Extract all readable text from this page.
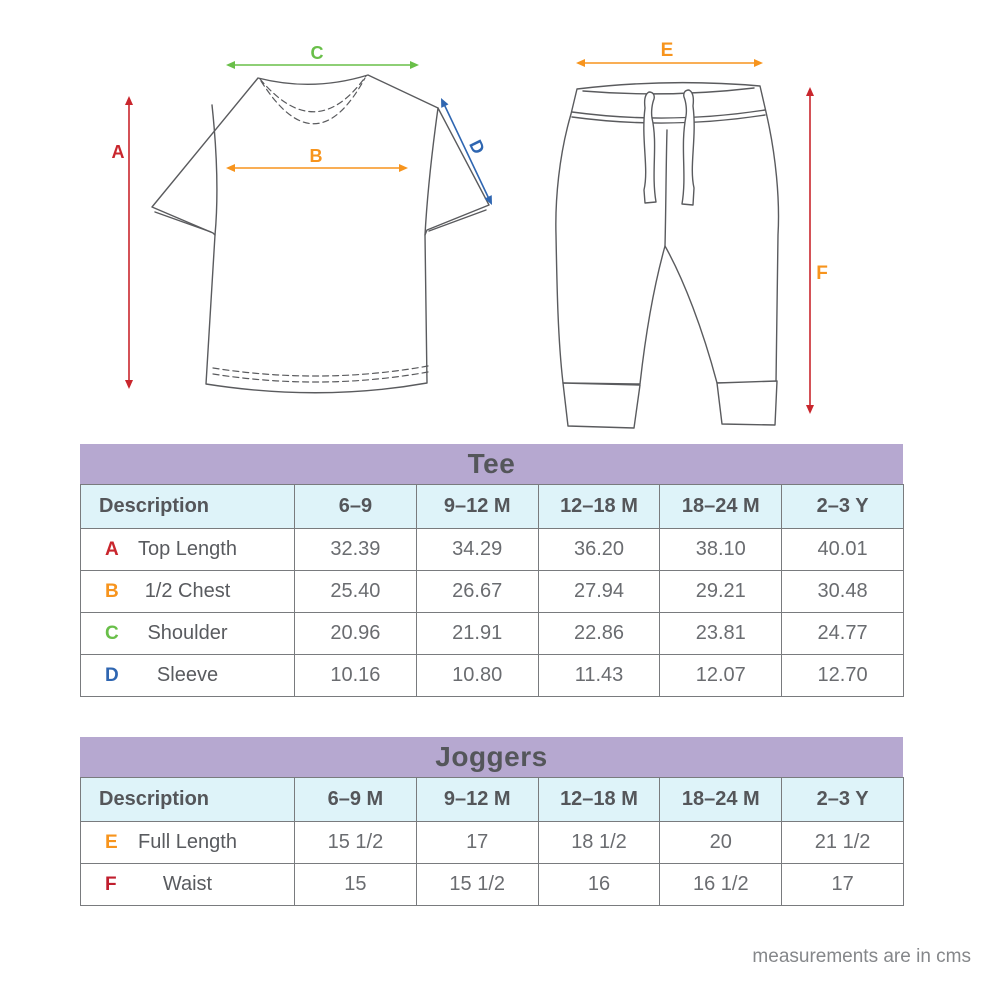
A
C
B	D
E
F
Tee
Description	6–9	9–12 M	12–18 M	18–24 M	2–3 Y

A Top Length	32.39	34.29	36.20	38.10	40.01

B 1/2 Chest	25.40	26.67	27.94	29.21	30.48

C Shoulder	20.96	21.91	22.86	23.81	24.77

D Sleeve	10.16	10.80	11.43	12.07	12.70
Joggers
Description	6–9 M	9–12 M	12–18 M	18–24 M	2–3 Y

E Full Length	15 1/2	17	18 1/2	20	21 1/2

F Waist	15	15 1/2	16	16 1/2	17
measurements are in cms
